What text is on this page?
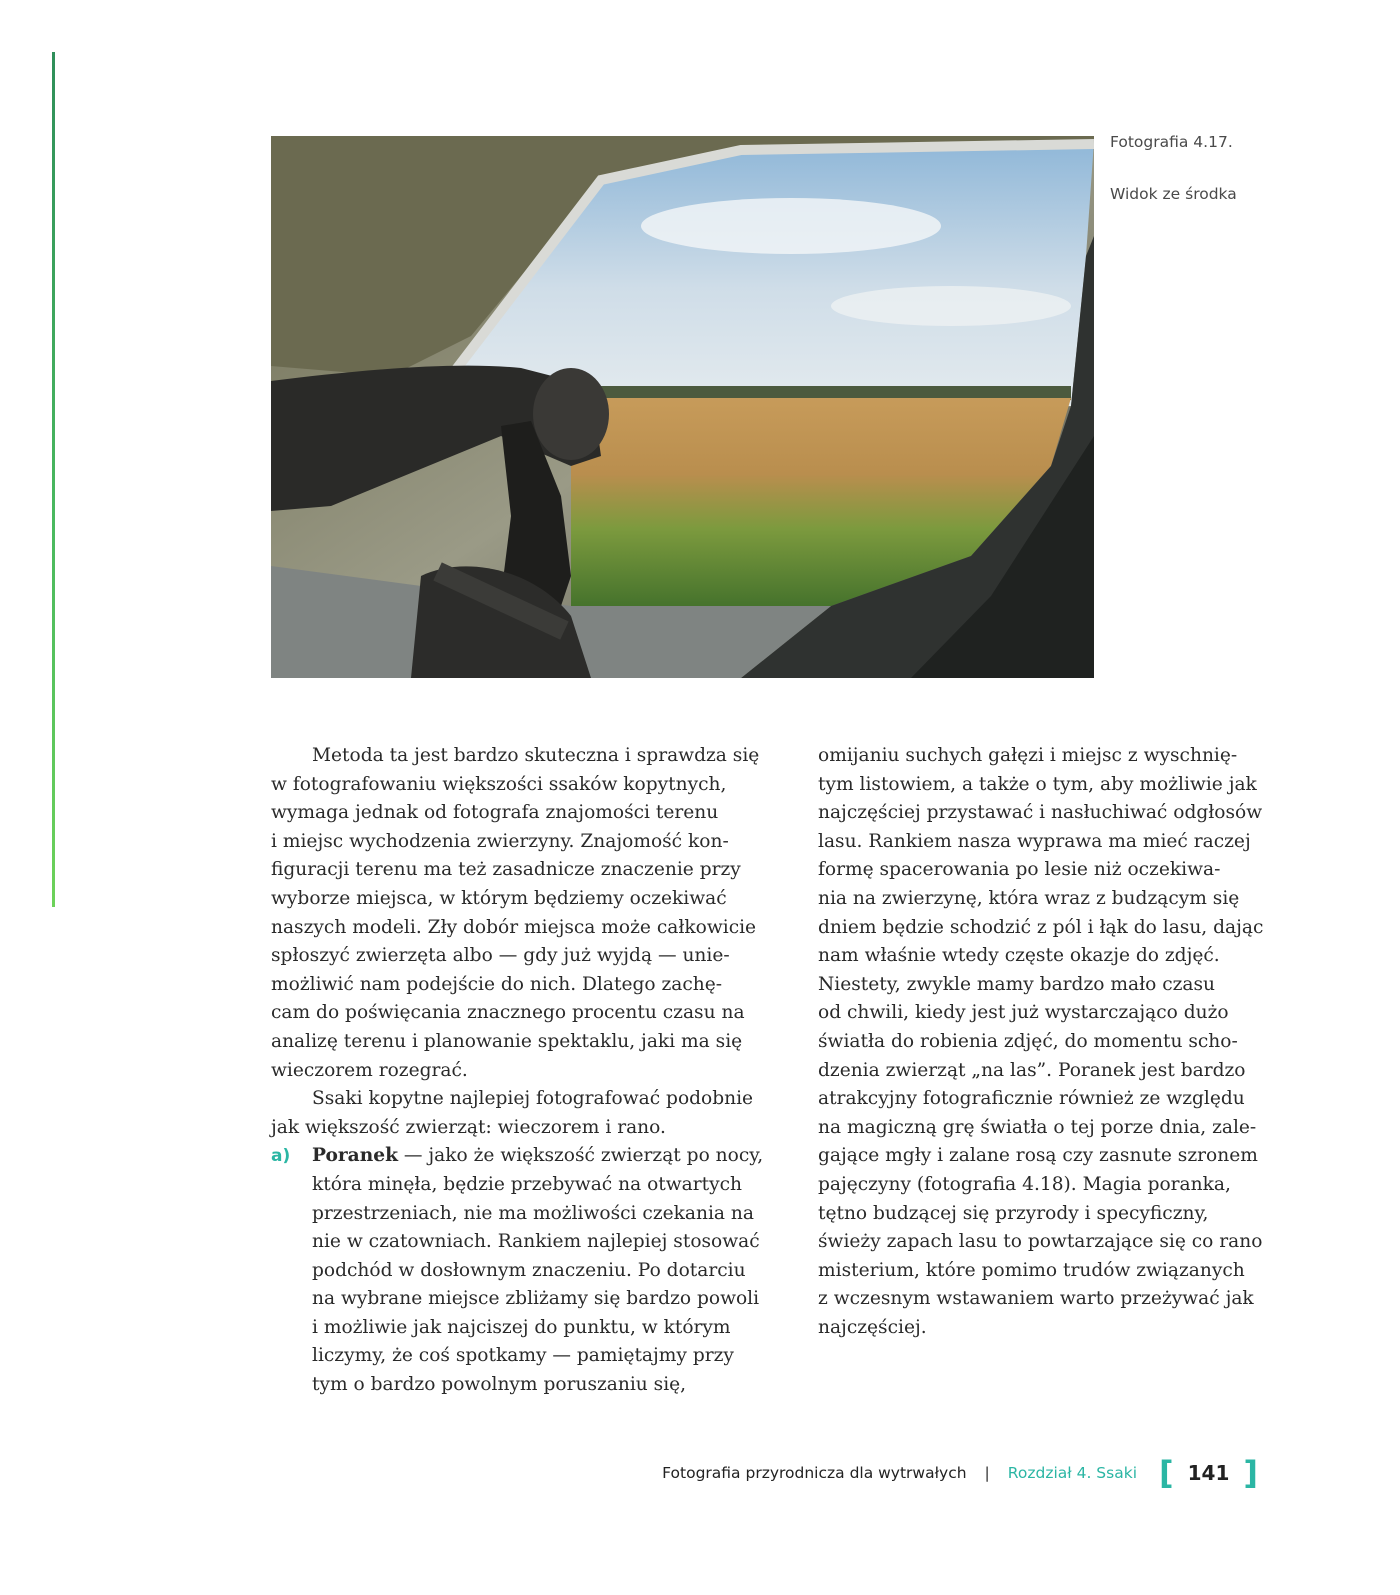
Fotografia 4.17.

Widok ze środka

Metoda ta jest bardzo skuteczna i sprawdza się
w fotografowaniu większości ssaków kopytnych,
wymaga jednak od fotografa znajomości terenu
i miejsc wychodzenia zwierzyny. Znajomość kon-
figuracji terenu ma też zasadnicze znaczenie przy
wyborze miejsca, w którym będziemy oczekiwać
naszych modeli. Zły dobór miejsca może całkowicie
spłoszyć zwierzęta albo — gdy już wyjdą — unie-
możliwić nam podejście do nich. Dlatego zachę-
cam do poświęcania znacznego procentu czasu na
analizę terenu i planowanie spektaklu, jaki ma się
wieczorem rozegrać.

Ssaki kopytne najlepiej fotografować podobnie
jak większość zwierząt: wieczorem i rano.

a) Poranek — jako że większość zwierząt po nocy,
która minęła, będzie przebywać na otwartych
przestrzeniach, nie ma możliwości czekania na
nie w czatowniach. Rankiem najlepiej stosować
podchód w dosłownym znaczeniu. Po dotarciu
na wybrane miejsce zbliżamy się bardzo powoli
i możliwie jak najciszej do punktu, w którym
liczymy, że coś spotkamy — pamiętajmy przy
tym o bardzo powolnym poruszaniu się,

omijaniu suchych gałęzi i miejsc z wyschnię-
tym listowiem, a także o tym, aby możliwie jak
najczęściej przystawać i nasłuchiwać odgłosów
lasu. Rankiem nasza wyprawa ma mieć raczej
formę spacerowania po lesie niż oczekiwa-
nia na zwierzynę, która wraz z budzącym się
dniem będzie schodzić z pól i łąk do lasu, dając
nam właśnie wtedy częste okazje do zdjęć.
Niestety, zwykle mamy bardzo mało czasu
od chwili, kiedy jest już wystarczająco dużo
światła do robienia zdjęć, do momentu scho-
dzenia zwierząt „na las”. Poranek jest bardzo
atrakcyjny fotograficznie również ze względu
na magiczną grę światła o tej porze dnia, zale-
gające mgły i zalane rosą czy zasnute szronem
pajęczyny (fotografia 4.18). Magia poranka,
tętno budzącej się przyrody i specyficzny,
świeży zapach lasu to powtarzające się co rano
misterium, które pomimo trudów związanych
z wczesnym wstawaniem warto przeżywać jak
najczęściej.

Fotografia przyrodnicza dla wytrwałych | Rozdział 4. Ssaki [ 141 ]
